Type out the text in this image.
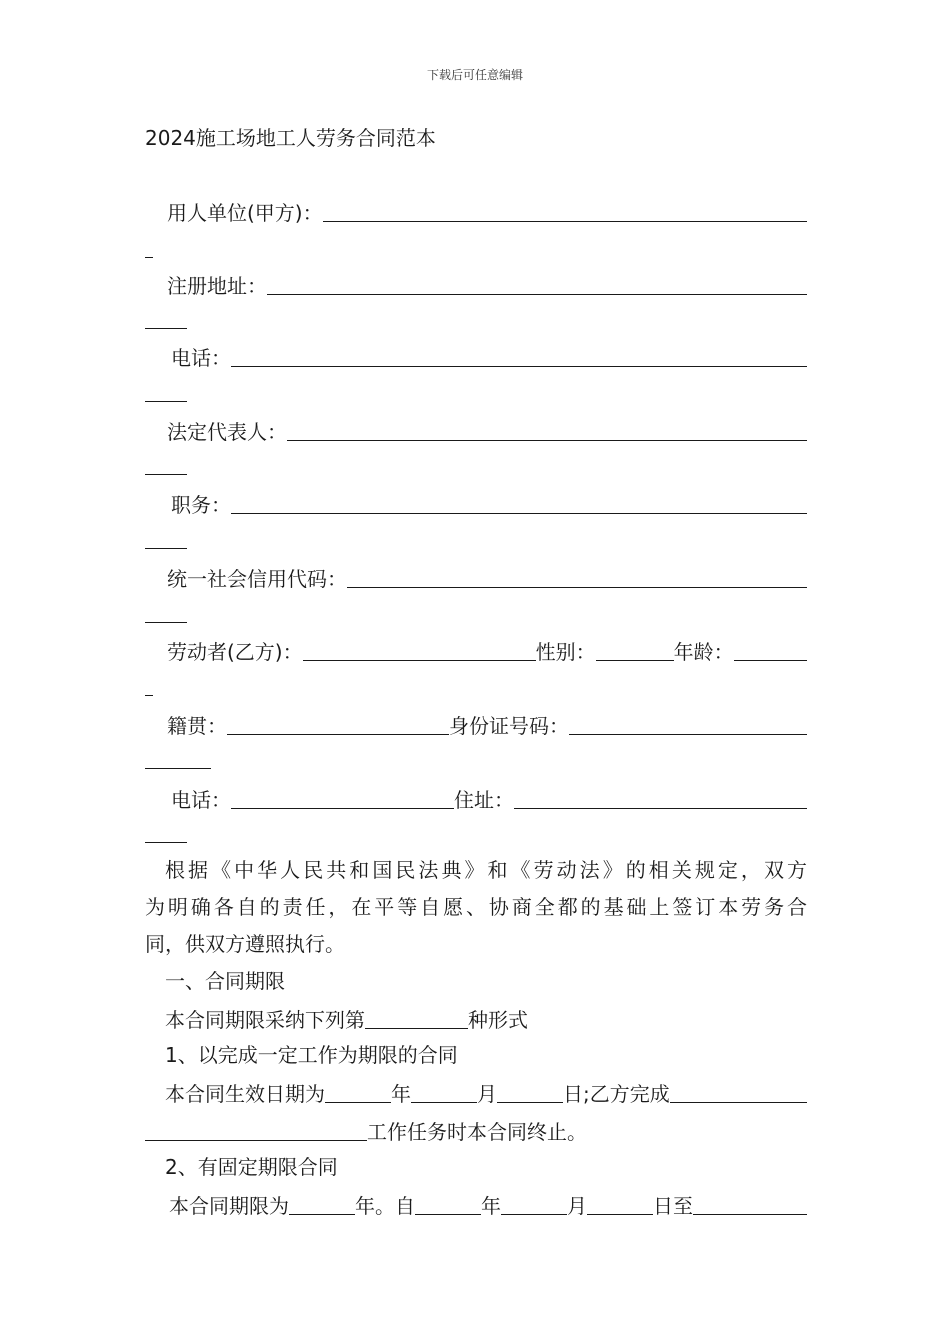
下载后可任意编辑
2024施工场地工人劳务合同范本
用人单位(甲方)：
注册地址：
电话：
法定代表人：
职务：
统一社会信用代码：
劳动者(乙方)：	性别：	年龄：
籍贯：	身份证号码：
电话：	住址：

根据《中华人民共和国民法典》和《劳动法》的相关规定，双方

为明确各自的责任，在平等自愿、协商全都的基础上签订本劳务合

同，供双方遵照执行。

一、合同期限
本合同期限采纳下列第	种形式
1、以完成一定工作为期限的合同
本合同生效日期为	年	月	日;乙方完成
工作任务时本合同终止。
2、有固定期限合同
本合同期限为	年。自	年	月	日至
